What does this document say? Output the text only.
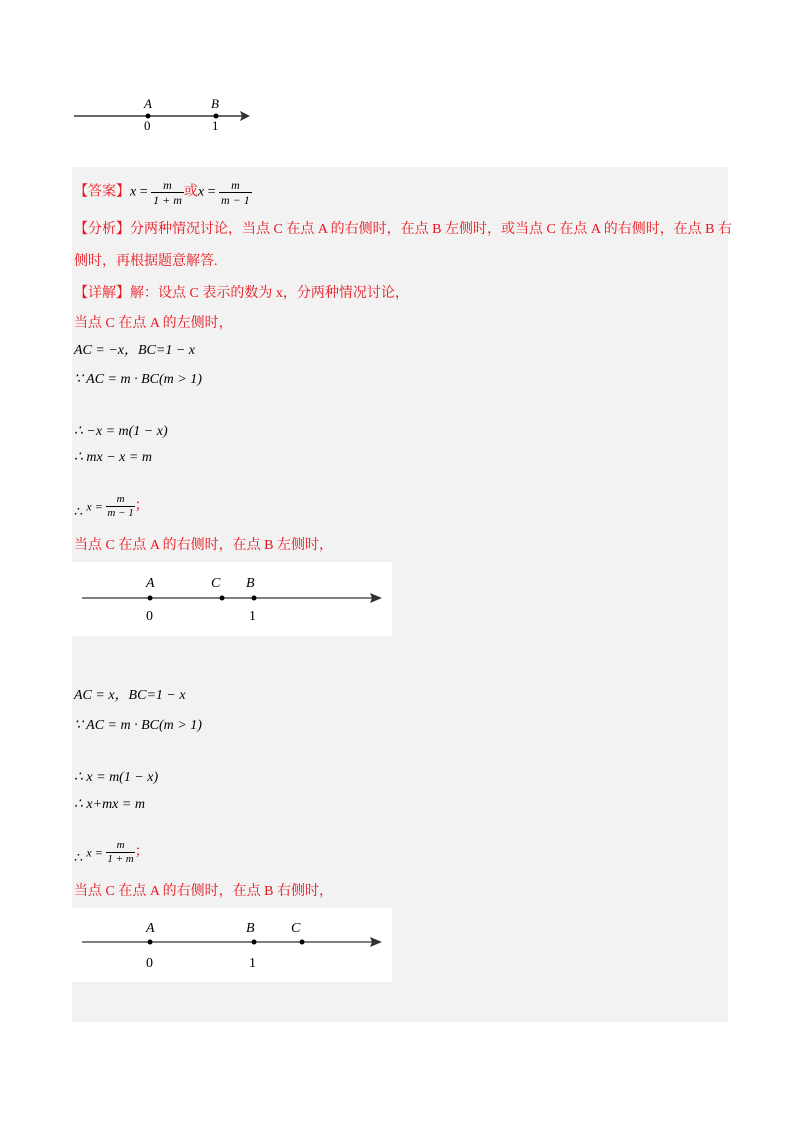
A	B
0	1
【答案】$x = \frac{m}{1 + m}$ 或$x = \frac{m}{m - 1}$
【分析】分两种情况讨论，当点 C 在点 A 的右侧时，在点 B 左侧时，或当点 C 在点 A 的右侧时，在点 B 右
侧时，再根据题意解答.
【详解】解：设点 C 表示的数为 x，分两种情况讨论，
当点 C 在点 A 的左侧时，
AC = −x，BC=1 − x
∵ AC = m · BC(m > 1)
∴ −x = m(1 − x)
∴ mx − x = m
∴ $x = \frac{m}{m - 1}$ ；
当点 C 在点 A 的右侧时，在点 B 左侧时，
A	C B
0	1
AC = x，BC=1 − x
∵ AC = m · BC(m > 1)
∴ x = m(1 − x)
∴ x+mx = m
∴ $x = \frac{m}{1 + m}$ ；
当点 C 在点 A 的右侧时，在点 B 右侧时，
A	B	C
0	1
